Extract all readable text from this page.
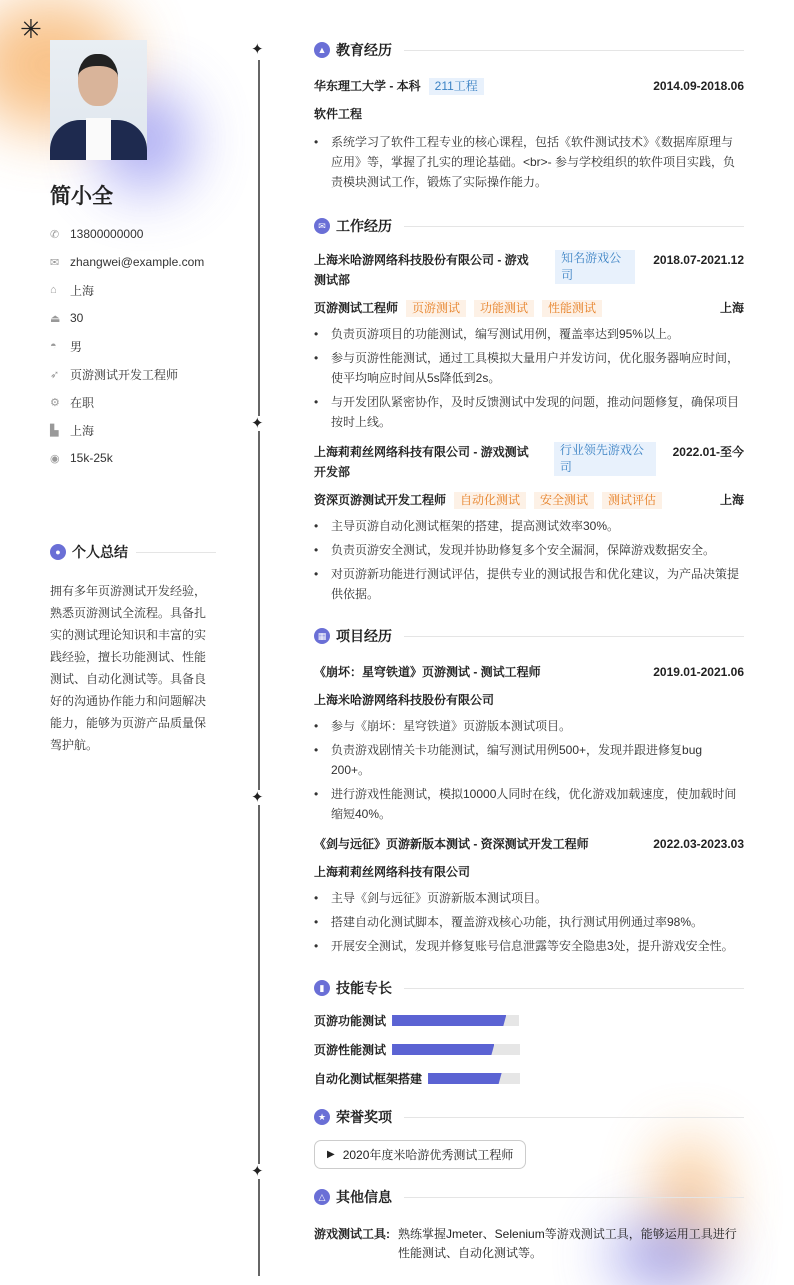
✳
简小全
✆ 13800000000
✉ zhangwei@example.com
⌂	上海
⏏ 30
◓	男
➶ 页游测试开发工程师
⚙ 在职
▙ 上海
◉ 15k-25k
● 个人总结

拥有多年页游测试开发经验，熟悉页游测试全流程。具备扎实的测试理论知识和丰富的实践经验，擅长功能测试、性能测试、自动化测试等。具备良好的沟通协作能力和问题解决能力，能够为页游产品质量保驾护航。

✦
✦
✦
✦
▲ 教育经历
华东理工大学 - 本科 211工程	2014.09-2018.06
软件工程
• 系统学习了软件工程专业的核心课程，包括《软件测试技术》《数据库原理与应用》等，掌握了扎实的理论基础。<br>- 参与学校组织的软件项目实践，负责模块测试工作，锻炼了实际操作能力。
✉ 工作经历
上海米哈游网络科技股份有限公司 - 游戏测试部
知名游戏公司
2018.07-2021.12
页游测试工程师 页游测试 功能测试 性能测试	上海
• 负责页游项目的功能测试，编写测试用例，覆盖率达到95%以上。
• 参与页游性能测试，通过工具模拟大量用户并发访问，优化服务器响应时间，使平均响应时间从5s降低到2s。
• 与开发团队紧密协作，及时反馈测试中发现的问题，推动问题修复，确保项目按时上线。
上海莉莉丝网络科技有限公司 - 游戏测试开发部
行业领先游戏公司
2022.01-至今
资深页游测试开发工程师 自动化测试 安全测试 测试评估	上海
• 主导页游自动化测试框架的搭建，提高测试效率30%。
• 负责页游安全测试，发现并协助修复多个安全漏洞，保障游戏数据安全。
• 对页游新功能进行测试评估，提供专业的测试报告和优化建议，为产品决策提供依据。
▦ 项目经历
《崩坏：星穹铁道》页游测试 - 测试工程师	2019.01-2021.06
上海米哈游网络科技股份有限公司
• 参与《崩坏：星穹铁道》页游版本测试项目。
• 负责游戏剧情关卡功能测试，编写测试用例500+，发现并跟进修复bug 200+。
• 进行游戏性能测试，模拟10000人同时在线，优化游戏加载速度，使加载时间缩短40%。
《剑与远征》页游新版本测试 - 资深测试开发工程师	2022.03-2023.03
上海莉莉丝网络科技有限公司
• 主导《剑与远征》页游新版本测试项目。
• 搭建自动化测试脚本，覆盖游戏核心功能，执行测试用例通过率98%。
• 开展安全测试，发现并修复账号信息泄露等安全隐患3处，提升游戏安全性。
▮ 技能专长
页游功能测试
页游性能测试
自动化测试框架搭建
★ 荣誉奖项
▶ 2020年度米哈游优秀测试工程师
△ 其他信息
游戏测试工具: 熟练掌握Jmeter、Selenium等游戏测试工具，能够运用工具进行性能测试、自动化测试等。
